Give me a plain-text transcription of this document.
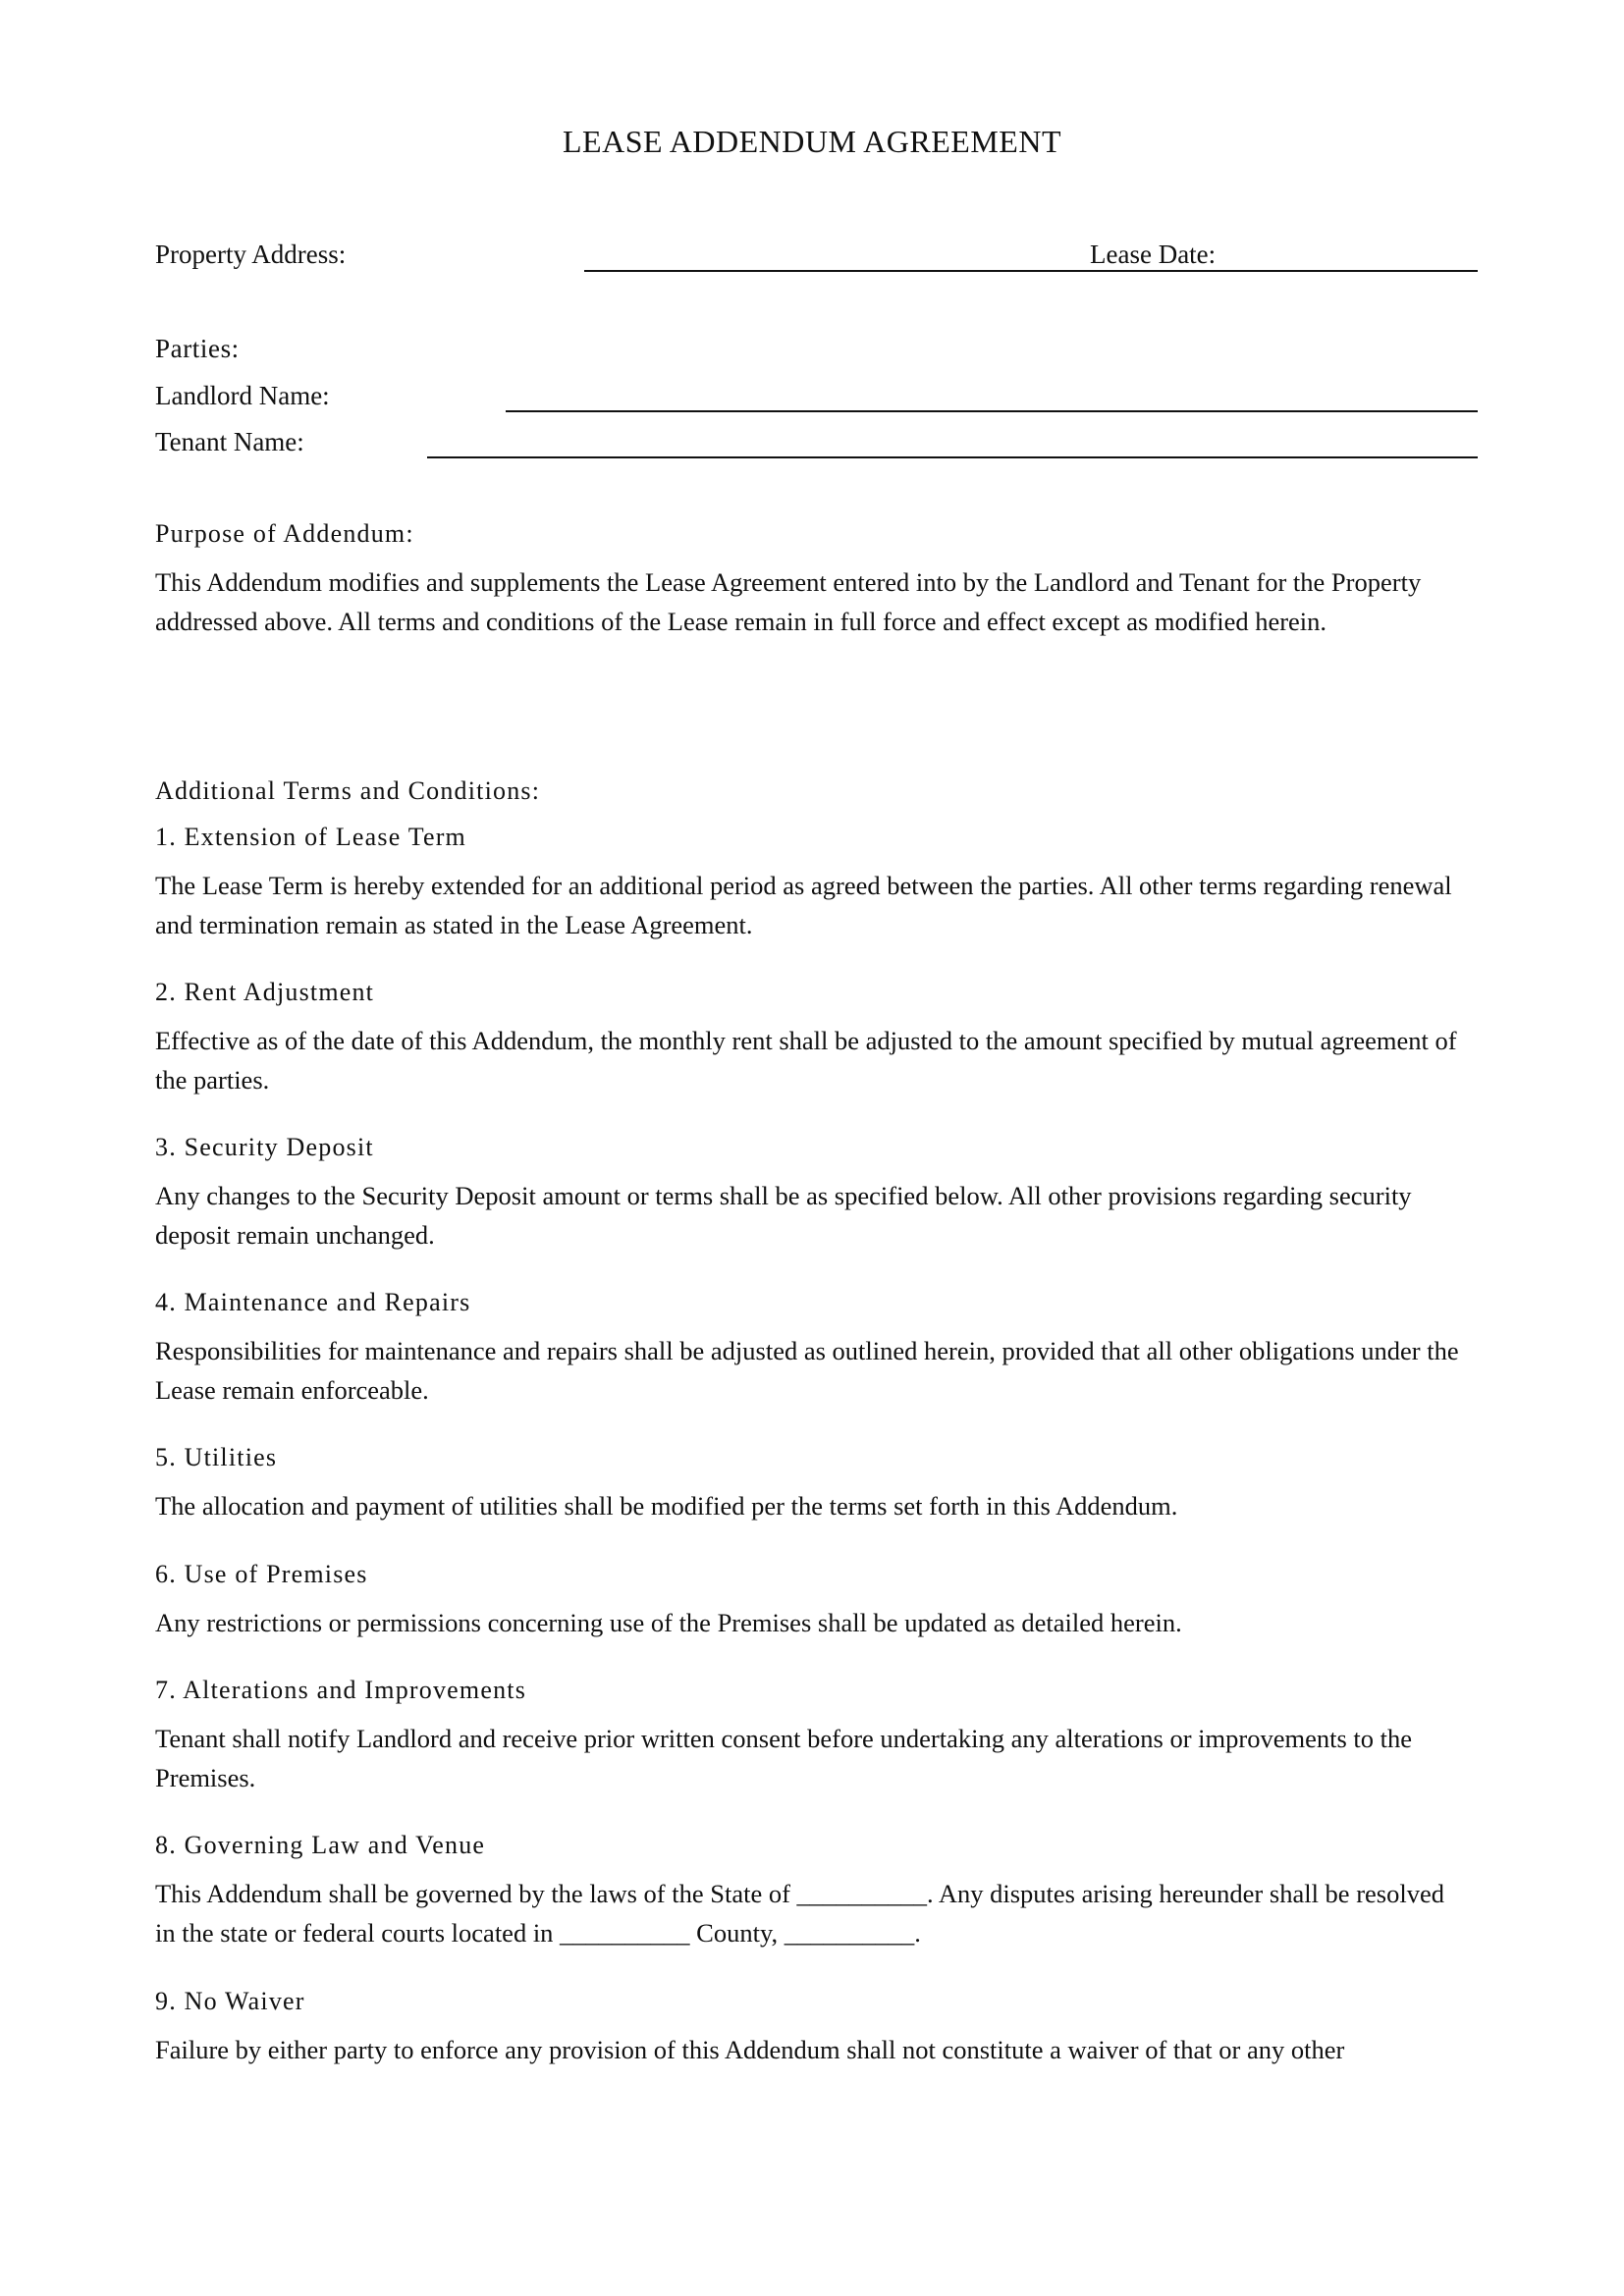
LEASE ADDENDUM AGREEMENT
Property Address:	Lease Date:
Parties:
Landlord Name:
Tenant Name:
Purpose of Addendum:
This Addendum modifies and supplements the Lease Agreement entered into by the Landlord and Tenant for the Property addressed above. All terms and conditions of the Lease remain in full force and effect except as modified herein.
Additional Terms and Conditions:
1. Extension of Lease Term
The Lease Term is hereby extended for an additional period as agreed between the parties. All other terms regarding renewal and termination remain as stated in the Lease Agreement.
2. Rent Adjustment
Effective as of the date of this Addendum, the monthly rent shall be adjusted to the amount specified by mutual agreement of the parties.
3. Security Deposit
Any changes to the Security Deposit amount or terms shall be as specified below. All other provisions regarding security deposit remain unchanged.
4. Maintenance and Repairs
Responsibilities for maintenance and repairs shall be adjusted as outlined herein, provided that all other obligations under the Lease remain enforceable.
5. Utilities
The allocation and payment of utilities shall be modified per the terms set forth in this Addendum.
6. Use of Premises
Any restrictions or permissions concerning use of the Premises shall be updated as detailed herein.
7. Alterations and Improvements
Tenant shall notify Landlord and receive prior written consent before undertaking any alterations or improvements to the Premises.
8. Governing Law and Venue
This Addendum shall be governed by the laws of the State of __________. Any disputes arising hereunder shall be resolved in the state or federal courts located in __________ County, __________.
9. No Waiver
Failure by either party to enforce any provision of this Addendum shall not constitute a waiver of that or any other
